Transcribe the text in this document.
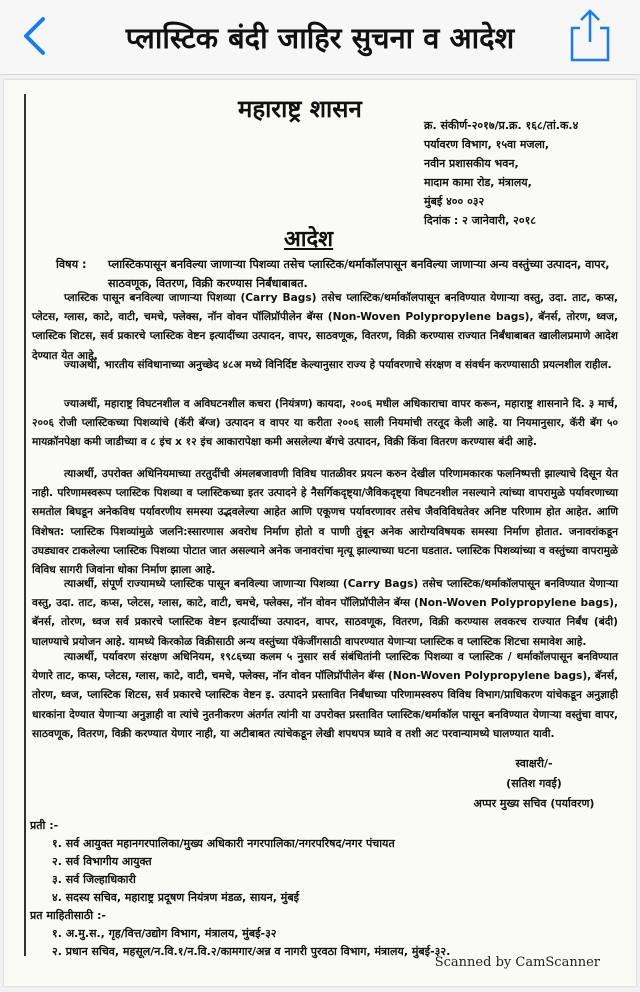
प्लास्टिक बंदी जाहिर सुचना व आदेश
महाराष्ट्र शासन
क्र. संकीर्ण-२०१७/प्र.क्र. १६८/तां.क.४
पर्यावरण विभाग, १५वा मजला,
नवीन प्रशासकीय भवन,
मादाम कामा रोड, मंत्रालय,
मुंबई ४०० ०३२
दिनांक : २ जानेवारी, २०१८
आदेश
विषय : प्लास्टिकपासून बनविल्या जाणाऱ्या पिशव्या तसेच प्लास्टिक/थर्माकॉलपासून बनविल्या जाणाऱ्या अन्य वस्तुंच्या उत्पादन, वापर, साठवणूक, वितरण, विक्री करण्यास निर्बंधाबाबत.
प्लास्टिक पासून बनविल्या जाणाऱ्या पिशव्या (Carry Bags) तसेच प्लास्टिक/थर्माकॉलपासून बनविण्यात येणाऱ्या वस्तु, उदा. ताट, कप्स, प्लेटस, ग्लास, काटे, वाटी, चमचे, फ्लेक्स, नॉन वोवन पॉलिप्रॉपीलेन बॅग्स (Non-Woven Polypropylene bags), बॅनर्स, तोरण, ध्वज, प्लास्टिक शिटस, सर्व प्रकारचे प्लास्टिक वेष्टन इत्यादींच्या उत्पादन, वापर, साठवणूक, वितरण, विक्री करण्यास राज्यात निर्बंधाबाबत खालीलप्रमाणे आदेश देण्यात येत आहे.
ज्याअर्थी, भारतीय संविधानाच्या अनुच्छेद ४८अ मध्ये विनिर्दिष्ट केल्यानुसार राज्य हे पर्यावरणाचे संरक्षण व संवर्धन करण्यासाठी प्रयत्नशील राहील.
ज्याअर्थी, महाराष्ट्र विघटनशील व अविघटनशील कचरा (नियंत्रण) कायदा, २००६ मधील अधिकाराचा वापर करून, महाराष्ट्र शासनाने दि. ३ मार्च, २००६ रोजी प्लास्टिकच्या पिशव्यांचे (कॅरी बॅग्ज) उत्पादन व वापर या करीता २००६ साली नियमांची तरतूद केली आहे. या नियमानुसार, कॅरी बॅग ५० मायक्रॉनपेक्षा कमी जाडीच्या व ८ इंच x १२ इंच आकारापेक्षा कमी असलेल्या बॅगचे उत्पादन, विक्री किंवा वितरण करण्यास बंदी आहे.
त्याअर्थी, उपरोक्त अधिनियमाच्या तरतुदींची अंमलबजावणी विविध पातळीवर प्रयत्न करुन देखील परिणामकारक फलनिष्पत्ती झाल्याचे दिसून येत नाही. परिणामस्वरूप प्लास्टिक पिशव्या व प्लास्टिकच्या इतर उत्पादने हे नैसर्गिकदृष्ट्या/जैविकदृष्ट्या विघटनशील नसल्याने त्यांच्या वापरामुळे पर्यावरणाच्या समतोल बिघडून अनेकविध पर्यावरणीय समस्या उद्भवलेल्या आहेत आणि एकूणच पर्यावरणावर तसेच जैवविविधतेवर अनिष्ट परिणाम होत आहेत. आणि विशेषत: प्लास्टिक पिशव्यांमुळे जलनि:स्सारणास अवरोध निर्माण होतो व पाणी तुंबून अनेक आरोग्यविषयक समस्या निर्माण होतात. जनावरांकडून उघड्यावर टाकलेल्या प्लास्टिक पिशव्या पोटात जात असल्याने अनेक जनावरांचा मृत्यू झाल्याच्या घटना घडतात. प्लास्टिक पिशव्यांच्या व वस्तुंच्या वापरामुळे विविध सागरी जिवांना धोका निर्माण झाला आहे.
त्याअर्थी, संपूर्ण राज्यामध्ये प्लास्टिक पासून बनविल्या जाणाऱ्या पिशव्या (Carry Bags) तसेच प्लास्टिक/थर्माकॉलपासून बनविण्यात येणाऱ्या वस्तु, उदा. ताट, कप्स, प्लेटस, ग्लास, काटे, वाटी, चमचे, फ्लेक्स, नॉन वोवन पॉलिप्रॉपीलेन बॅग्स (Non-Woven Polypropylene bags), बॅनर्स, तोरण, ध्वज सर्व प्रकारचे प्लास्टिक वेष्टन इत्यादींच्या उत्पादन, वापर, साठवणूक, वितरण, विक्री करण्यास लवकरच राज्यात निर्बंध (बंदी) घालण्याचे प्रयोजन आहे. यामध्ये किरकोळ विक्रीसाठी अन्य वस्तुंच्या पॅकेजींगसाठी वापरण्यात येणाऱ्या प्लास्टिक व प्लास्टिक शिटचा समावेश आहे.
त्याअर्थी, पर्यावरण संरक्षण अधिनियम, १९८६च्या कलम ५ नुसार सर्व संबंधितांनी प्लास्टिक पिशव्या व प्लास्टिक / थर्माकॉलपासून बनविण्यात येणारे ताट, कप्स, प्लेटस, ग्लास, काटे, वाटी, चमचे, फ्लेक्स, नॉन वोवन पॉलिप्रॉपीलेन बॅग्स (Non-Woven Polypropylene bags), बॅनर्स, तोरण, ध्वज, प्लास्टिक शिटस, सर्व प्रकारचे प्लास्टिक वेष्टन इ. उत्पादने प्रस्तावित निर्बंधाच्या परिणामस्वरुप विविध विभाग/प्राधिकरण यांचेकडून अनुज्ञाही धारकांना देण्यात येणाऱ्या अनुज्ञाही वा त्यांचे नुतनीकरण अंतर्गत त्यांनी या उपरोक्त प्रस्तावित प्लास्टिक/थर्माकॉल पासून बनविण्यात येणाऱ्या वस्तुंचा वापर, साठवणूक, वितरण, विक्री करण्यात येणार नाही, या अटीबाबत त्यांचेकडून लेखी शपथपत्र घ्यावे व तशी अट परवान्यामध्ये घालण्यात यावी.
स्वाक्षरी/-
(सतिश गवई)
अप्पर मुख्य सचिव (पर्यावरण)
प्रती :-
१. सर्व आयुक्त महानगरपालिका/मुख्य अधिकारी नगरपालिका/नगरपरिषद/नगर पंचायत
२. सर्व विभागीय आयुक्त
३. सर्व जिल्हाधिकारी
४. सदस्य सचिव, महाराष्ट्र प्रदूषण नियंत्रण मंडळ, सायन, मुंबई
प्रत माहितीसाठी :-
१. अ.मु.स., गृह/वित्त/उद्योग विभाग, मंत्रालय, मुंबई-३२
२. प्रधान सचिव, महसूल/न.वि.१/न.वि.२/कामगार/अन्न व नागरी पुरवठा विभाग, मंत्रालय, मुंबई-३२.
Scanned by CamScanner
